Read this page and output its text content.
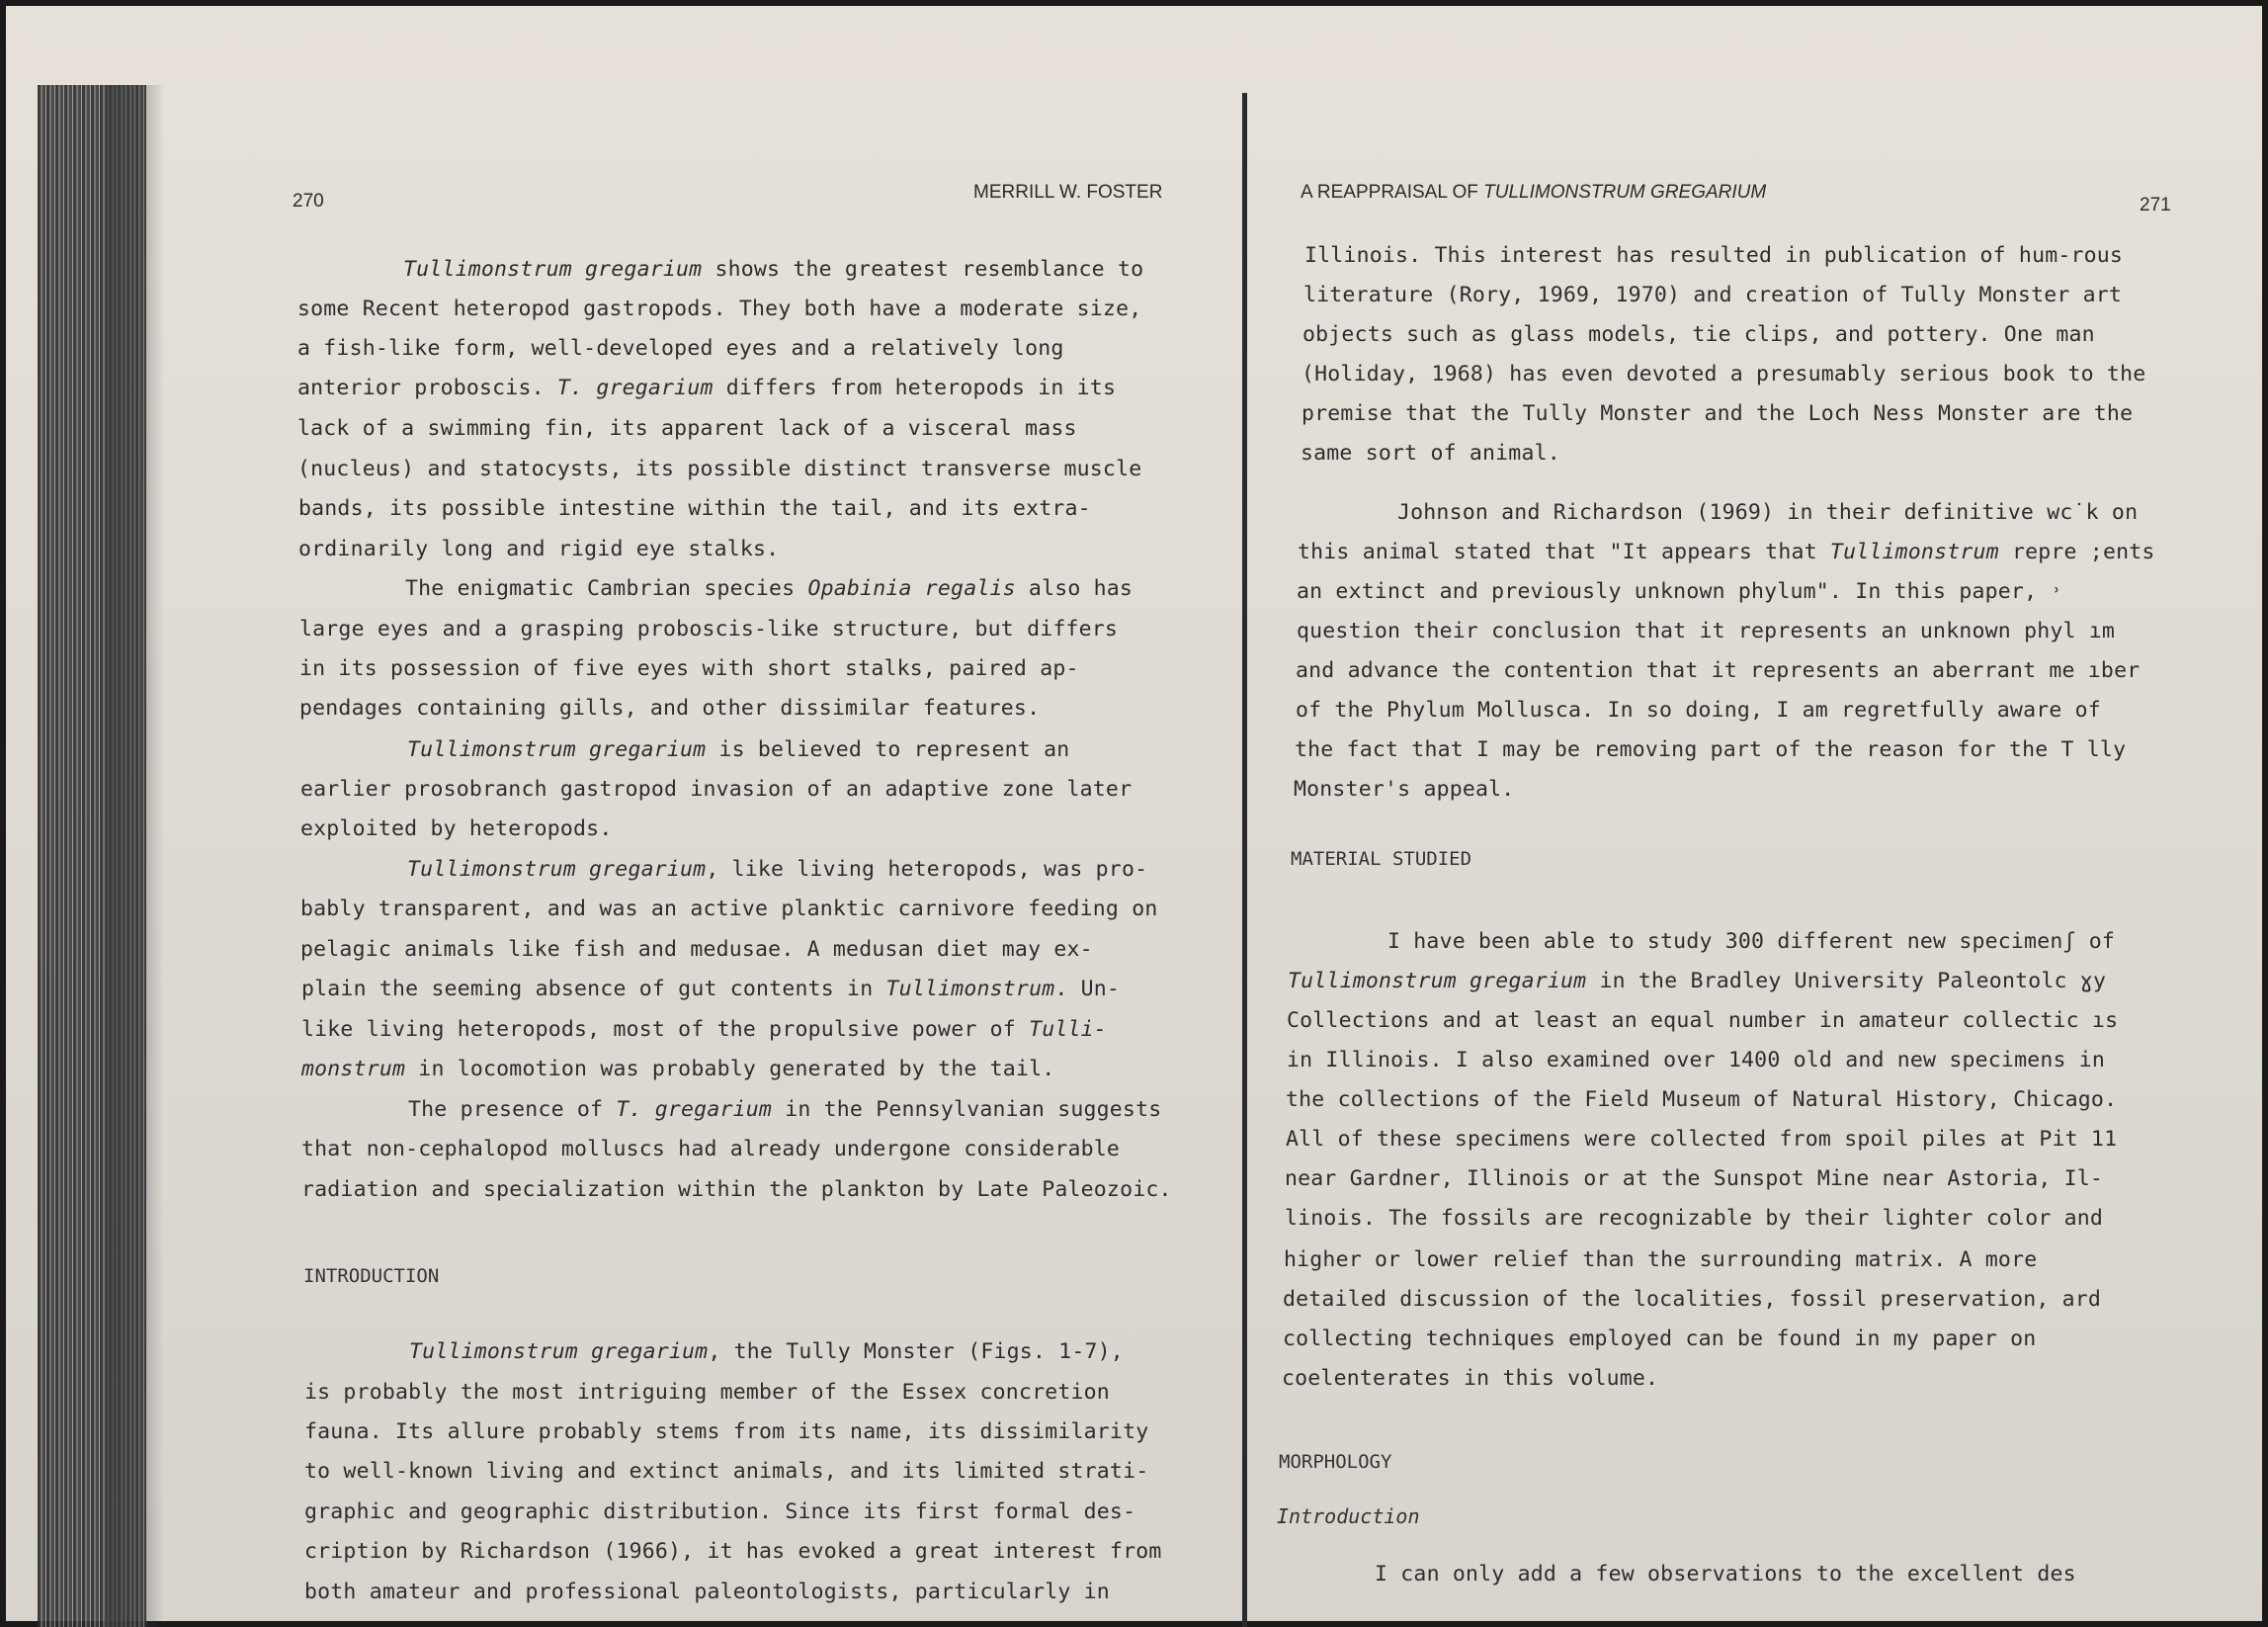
270	MERRILL W. FOSTER
Tullimonstrum gregarium shows the greatest resemblance to
some Recent heteropod gastropods. They both have a moderate size,
a fish-like form, well-developed eyes and a relatively long
anterior proboscis. T. gregarium differs from heteropods in its
lack of a swimming fin, its apparent lack of a visceral mass
(nucleus) and statocysts, its possible distinct transverse muscle
bands, its possible intestine within the tail, and its extra-
ordinarily long and rigid eye stalks.
The enigmatic Cambrian species Opabinia regalis also has
large eyes and a grasping proboscis-like structure, but differs
in its possession of five eyes with short stalks, paired ap-
pendages containing gills, and other dissimilar features.
Tullimonstrum gregarium is believed to represent an
earlier prosobranch gastropod invasion of an adaptive zone later
exploited by heteropods.
Tullimonstrum gregarium, like living heteropods, was pro-
bably transparent, and was an active planktic carnivore feeding on
pelagic animals like fish and medusae. A medusan diet may ex-
plain the seeming absence of gut contents in Tullimonstrum. Un-
like living heteropods, most of the propulsive power of Tulli-
monstrum in locomotion was probably generated by the tail.
The presence of T. gregarium in the Pennsylvanian suggests
that non-cephalopod molluscs had already undergone considerable
radiation and specialization within the plankton by Late Paleozoic.
INTRODUCTION
Tullimonstrum gregarium, the Tully Monster (Figs. 1-7),
is probably the most intriguing member of the Essex concretion
fauna. Its allure probably stems from its name, its dissimilarity
to well-known living and extinct animals, and its limited strati-
graphic and geographic distribution. Since its first formal des-
cription by Richardson (1966), it has evoked a great interest from
both amateur and professional paleontologists, particularly in
A REAPPRAISAL OF TULLIMONSTRUM GREGARIUM
271
Illinois. This interest has resulted in publication of hum‐rous
literature (Rory, 1969, 1970) and creation of Tully Monster art
objects such as glass models, tie clips, and pottery. One man
(Holiday, 1968) has even devoted a presumably serious book to the
premise that the Tully Monster and the Loch Ness Monster are the
same sort of animal.
Johnson and Richardson (1969) in their definitive wc˙k on
this animal stated that "It appears that Tullimonstrum repre ;ents
an extinct and previously unknown phylum". In this paper, ˒
question their conclusion that it represents an unknown phyl ım
and advance the contention that it represents an aberrant me ıber
of the Phylum Mollusca. In so doing, I am regretfully aware of
the fact that I may be removing part of the reason for the T lly
Monster's appeal.
MATERIAL STUDIED
I have been able to study 300 different new specimenʃ of
Tullimonstrum gregarium in the Bradley University Paleontolc ɣy
Collections and at least an equal number in amateur collectic ıs
in Illinois. I also examined over 1400 old and new specimens in
the collections of the Field Museum of Natural History, Chicago.
All of these specimens were collected from spoil piles at Pit 11
near Gardner, Illinois or at the Sunspot Mine near Astoria, Il-
linois. The fossils are recognizable by their lighter color and
higher or lower relief than the surrounding matrix. A more
detailed discussion of the localities, fossil preservation, ard
collecting techniques employed can be found in my paper on
coelenterates in this volume.
MORPHOLOGY
Introduction
I can only add a few observations to the excellent des
